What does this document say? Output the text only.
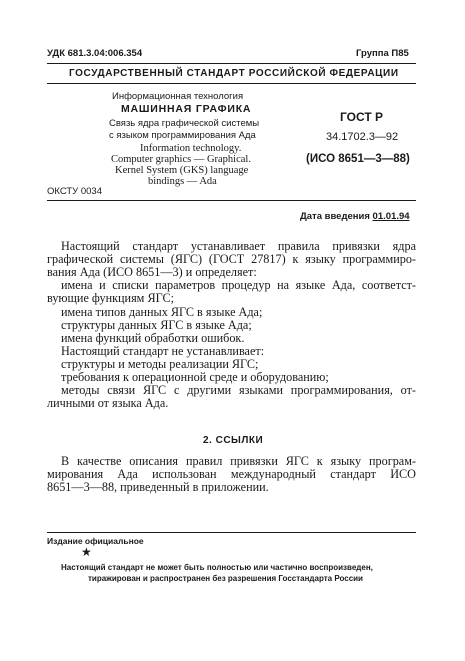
УДК 681.3.04:006.354	Группа П85
ГОСУДАРСТВЕННЫЙ СТАНДАРТ РОССИЙСКОЙ ФЕДЕРАЦИИ
Информационная технология
МАШИННАЯ ГРАФИКА
Связь ядра графической системы
с языком программирования Ада
Information technology.
Computer graphics — Graphical.
Kernel System (GKS) language
bindings — Ada
ГОСТ Р
34.1702.3—92
(ИСО 8651—3—88)
ОКСТУ 0034
Дата введения 01.01.94
Настоящий стандарт устанавливает правила привязки ядра
графической системы (ЯГС) (ГОСТ 27817) к языку программиро-
вания Ада (ИСО 8651—3) и определяет:
имена и списки параметров процедур на языке Ада, соответст-
вующие функциям ЯГС;
имена типов данных ЯГС в языке Ада;
структуры данных ЯГС в языке Ада;
имена функций обработки ошибок.
Настоящий стандарт не устанавливает:
структуры и методы реализации ЯГС;
требования к операционной среде и оборудованию;
методы связи ЯГС с другими языками программирования, от-
личными от языка Ада.
2. ССЫЛКИ
В качестве описания правил привязки ЯГС к языку програм-
мирования Ада использован международный стандарт ИСО
8651—3—88, приведенный в приложении.
Издание официальное
★
Настоящий стандарт не может быть полностью или частично воспроизведен,
тиражирован и распространен без разрешения Госстандарта России
